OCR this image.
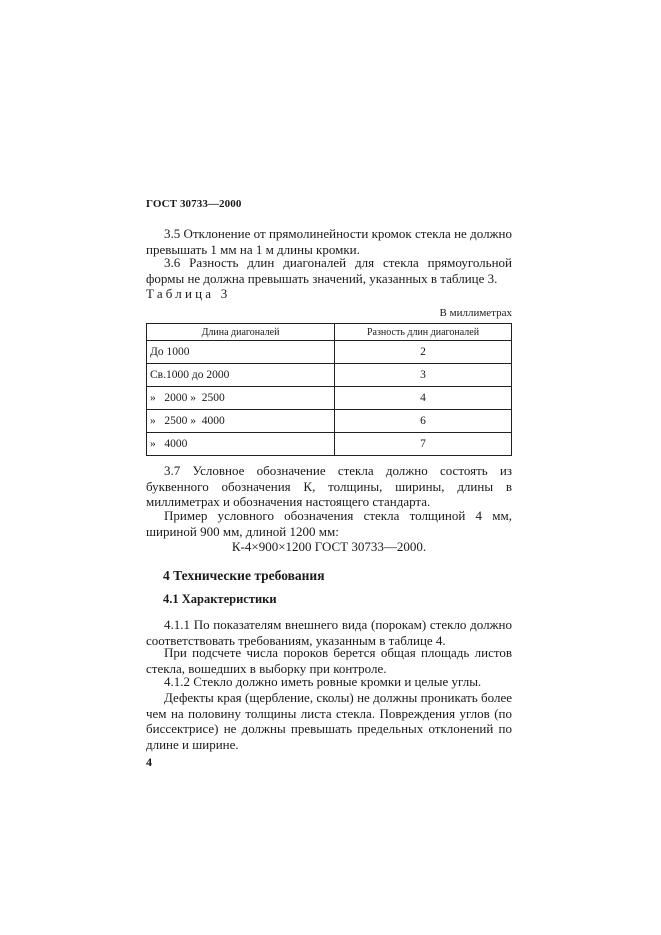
ГОСТ 30733—2000
3.5 Отклонение от прямолинейности кромок стекла не должно превышать 1 мм на 1 м длины кромки.
3.6 Разность длин диагоналей для стекла прямоугольной формы не должна превышать значений, указанных в таблице 3.
Таблица 3
В миллиметрах
Длина диагоналей	Разность длин диагоналей
До 1000	2
Св.1000 до 2000	3
»   2000 »  2500	4
»   2500 »  4000	6
»   4000	7
3.7 Условное обозначение стекла должно состоять из буквенного обозначения К, толщины, ширины, длины в миллиметрах и обозначения настоящего стандарта.
Пример условного обозначения стекла толщиной 4 мм, шириной 900 мм, длиной 1200 мм:
К-4×900×1200 ГОСТ 30733—2000.
4 Технические требования
4.1 Характеристики
4.1.1 По показателям внешнего вида (порокам) стекло должно соответствовать требованиям, указанным в таблице 4.
При подсчете числа пороков берется общая площадь листов стекла, вошедших в выборку при контроле.
4.1.2 Стекло должно иметь ровные кромки и целые углы.
Дефекты края (щербление, сколы) не должны проникать более чем на половину толщины листа стекла. Повреждения углов (по биссектрисе) не должны превышать предельных отклонений по длине и ширине.
4
